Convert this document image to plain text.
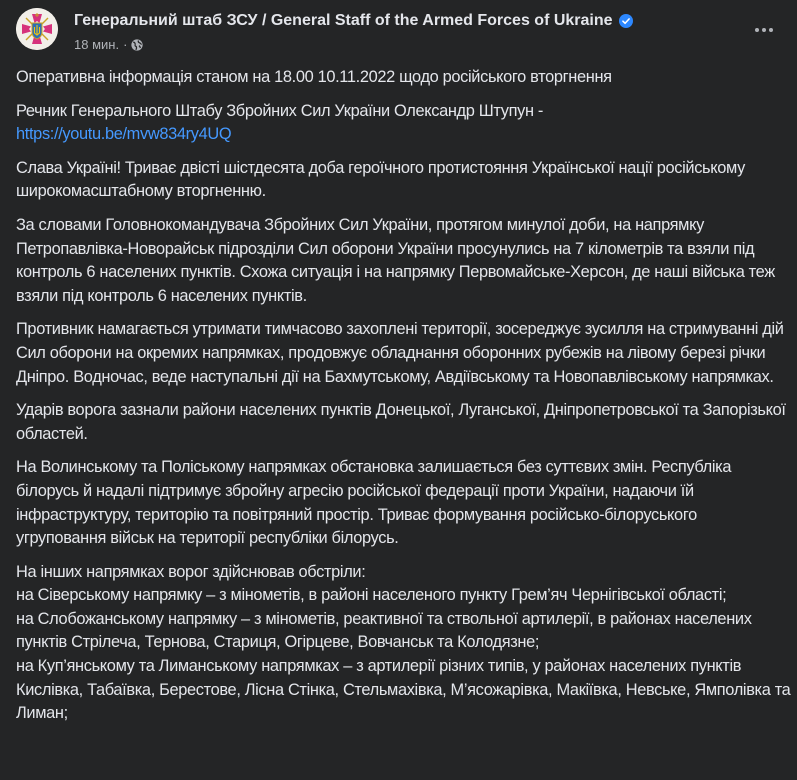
Генеральний штаб ЗСУ / General Staff of the Armed Forces of Ukraine
18 мин. ·

Оперативна інформація станом на 18.00 10.11.2022 щодо російського вторгнення

Речник Генерального Штабу Збройних Сил України Олександр Штупун -
https://youtu.be/mvw834ry4UQ

Слава Україні! Триває двісті шістдесята доба героїчного протистояння Української нації російському широкомасштабному вторгненню.

За словами Головнокомандувача Збройних Сил України, протягом минулої доби, на напрямку Петропавлівка-Новорайськ підрозділи Сил оборони України просунулись на 7 кілометрів та взяли під контроль 6 населених пунктів. Схожа ситуація і на напрямку Первомайське-Херсон, де наші війська теж взяли під контроль 6 населених пунктів.

Противник намагається утримати тимчасово захоплені території, зосереджує зусилля на стримуванні дій Сил оборони на окремих напрямках, продовжує обладнання оборонних рубежів на лівому березі річки Дніпро. Водночас, веде наступальні дії на Бахмутському, Авдіївському та Новопавлівському напрямках.

Ударів ворога зазнали райони населених пунктів Донецької, Луганської, Дніпропетровської та Запорізької областей.

На Волинському та Поліському напрямках обстановка залишається без суттєвих змін. Республіка білорусь й надалі підтримує збройну агресію російської федерації проти України, надаючи їй інфраструктуру, територію та повітряний простір. Триває формування російсько-білоруського угруповання військ на території республіки білорусь.

На інших напрямках ворог здійснював обстріли:
на Сіверському напрямку – з мінометів, в районі населеного пункту Грем’яч Чернігівської області;
на Слобожанському напрямку – з мінометів, реактивної та ствольної артилерії, в районах населених пунктів Стрілеча, Тернова, Стариця, Огірцеве, Вовчанськ та Колодязне;
на Куп’янському та Лиманському напрямках – з артилерії різних типів, у районах населених пунктів Кислівка, Табаївка, Берестове, Лісна Стінка, Стельмахівка, М’ясожарівка, Макіївка, Невське, Ямполівка та Лиман;
